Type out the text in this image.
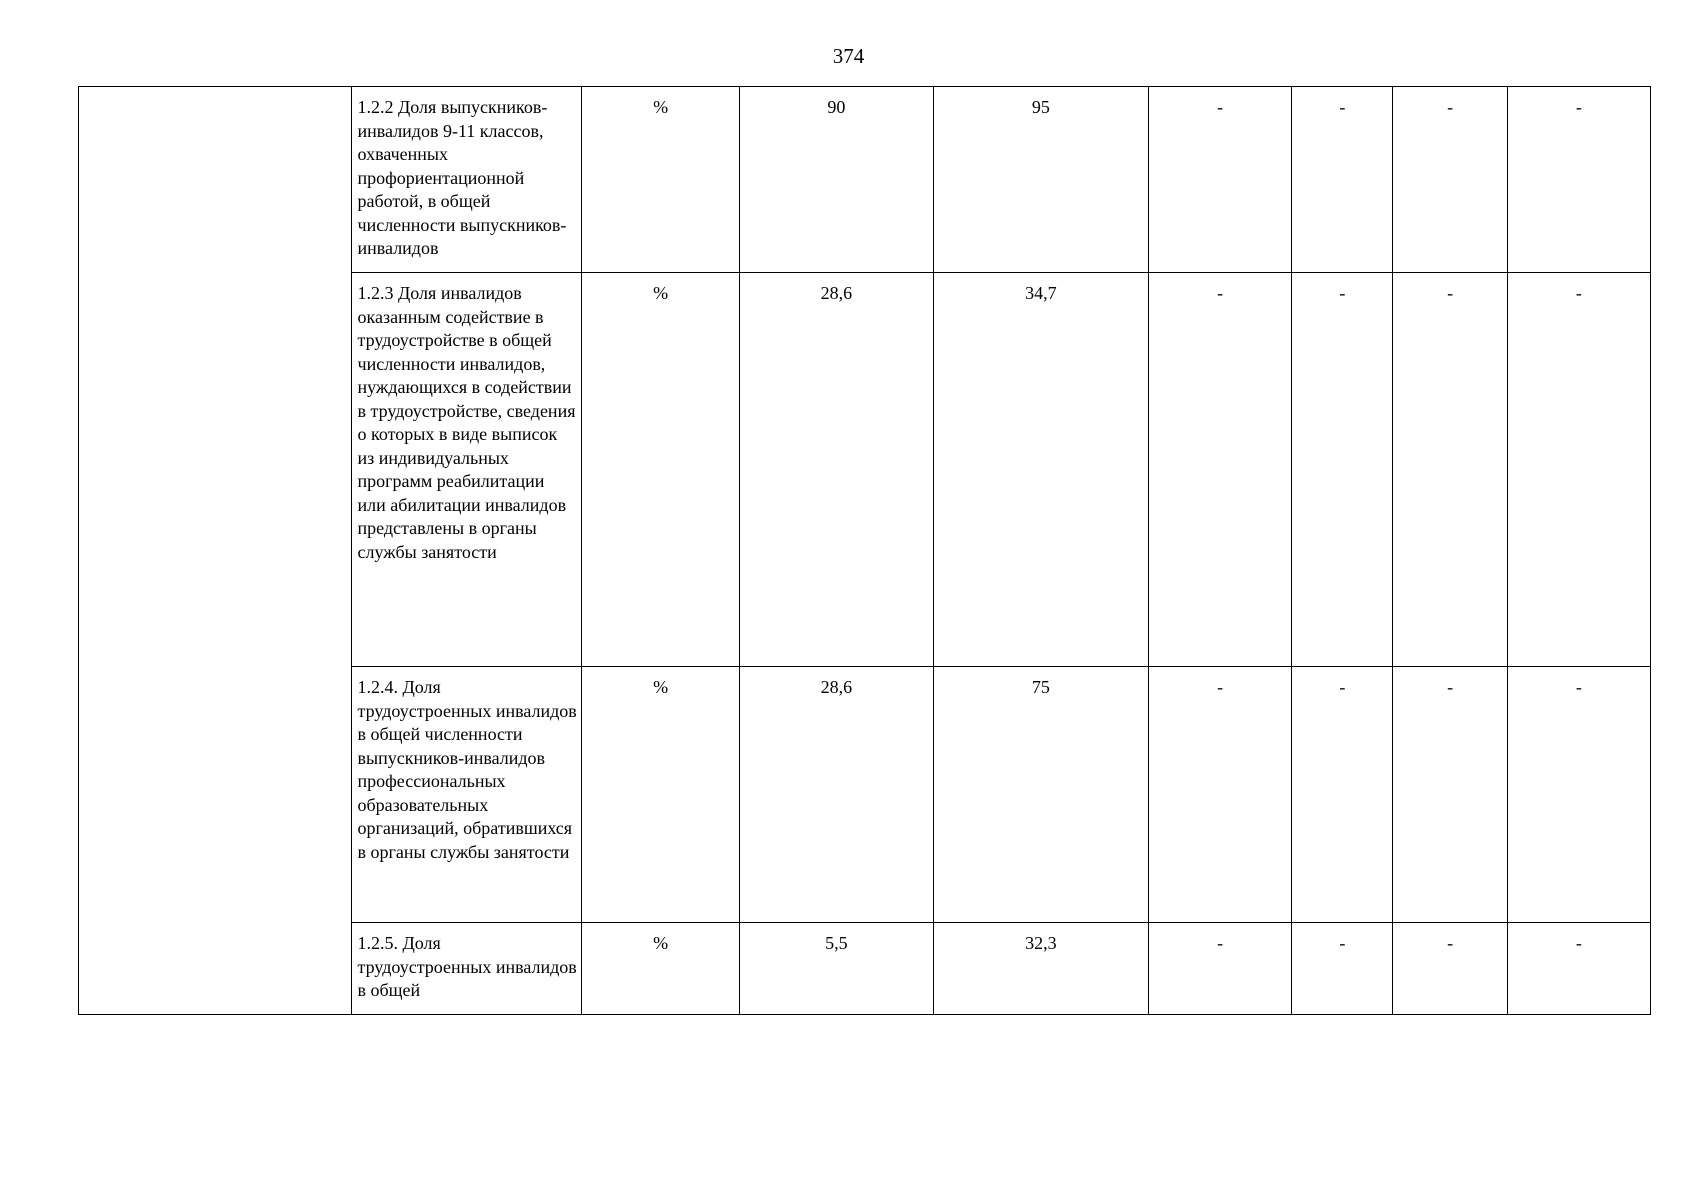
374
	1.2.2 Доля выпускников-инвалидов 9-11 классов, охваченных профориентационной работой, в общей численности выпускников-инвалидов	%	90	95	-	-	-	-
	1.2.3 Доля инвалидов оказанным содействие в трудоустройстве в общей численности инвалидов, нуждающихся в содействии в трудоустройстве, сведения о которых в виде выписок из индивидуальных программ реабилитации или абилитации инвалидов представлены в органы службы занятости	%	28,6	34,7	-	-	-	-
	1.2.4. Доля трудоустроенных инвалидов в общей численности выпускников-инвалидов профессиональных образовательных организаций, обратившихся в органы службы занятости	%	28,6	75	-	-	-	-
	1.2.5. Доля трудоустроенных инвалидов в общей	%	5,5	32,3	-	-	-	-
